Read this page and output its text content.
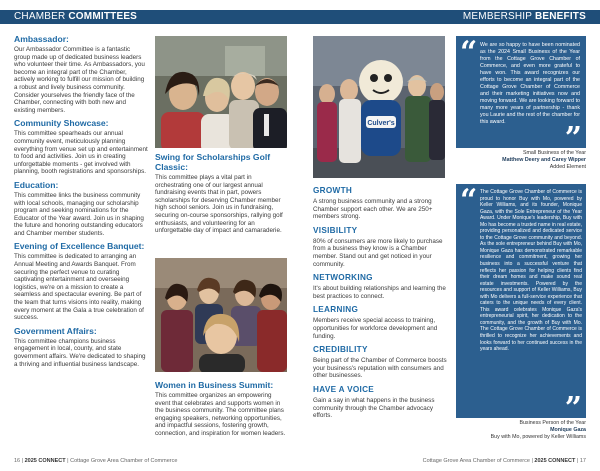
CHAMBER COMMITTEES	MEMBERSHIP BENEFITS
Ambassador:

Our Ambassador Committee is a fantastic group made up of dedicated business leaders who volunteer their time. As Ambassadors, you become an integral part of the Chamber, actively working to fulfill our mission of building a robust and lively business community. Consider yourselves the friendly face of the Chamber, connecting with both new and existing members.

Community Showcase:

This committee spearheads our annual community event, meticulously planning everything from venue set up and entertainment to food and activities. Join us in creating unforgettable moments - get involved with planning, booth registrations and sponsorships.

Education:

This committee links the business community with local schools, managing our scholarship program and seeking nominations for the Educator of the Year award. Join us in shaping the future and honoring outstanding educators and Chamber member students.

Evening of Excellence Banquet:

This committee is dedicated to arranging an Annual Meeting and Awards Banquet. From securing the perfect venue to curating captivating entertainment and overseeing logistics, we're on a mission to create a seamless and spectacular evening. Be part of the team that turns visions into reality, making every moment at the Gala a true celebration of success.

Government Affairs:

This committee champions business engagement in local, county, and state government affairs. We're dedicated to shaping a thriving and influential business landscape.

Swing for Scholarships Golf Classic:

This committee plays a vital part in orchestrating one of our largest annual fundraising events that in part, powers scholarships for deserving Chamber member high school seniors. Join us in fundraising, securing on-course sponsorships, rallying golf enthusiasts, and volunteering for an unforgettable day of impact and camaraderie.

Women in Business Summit:

This committee organizes an empowering event that celebrates and supports women in the business community. The committee plans engaging speakers, networking opportunities, and impactful sessions, fostering growth, connection, and inspiration for women leaders.

Culver's
GROWTH

A strong business community and a strong Chamber support each other. We are 250+ members strong.

VISIBILITY

80% of consumers are more likely to purchase from a business they know is a Chamber member. Stand out and get noticed in your community.

NETWORKING

It's about building relationships and learning the best practices to connect.

LEARNING

Members receive special access to training, opportunities for workforce development and funding.

CREDIBILITY

Being part of the Chamber of Commerce boosts your business's reputation with consumers and other businesses.

HAVE A VOICE

Gain a say in what happens in the business community through the Chamber advocacy efforts.

“
”
We are so happy to have been nominated as the 2024 Small Business of the Year from the Cottage Grove Chamber of Commerce, and even more grateful to have won. This award recognizes our efforts to become an integral part of the Cottage Grove Chamber of Commerce and their marketing initiatives now and moving forward. We are looking forward to many more years of partnership - thank you Laurie and the rest of the chamber for this award.
Small Business of the Year
Matthew Deery and Carey Wipper
Added Element
“
”
The Cottage Grove Chamber of Commerce is proud to honor Buy with Mo, powered by Keller Williams, and its founder, Monique Gaza, with the Sole Entrepreneur of the Year Award. Under Monique's leadership, Buy with Mo has become a trusted name in real estate, providing personalized and dedicated service to the Cottage Grove community and beyond. As the sole entrepreneur behind Buy with Mo, Monique Gaza has demonstrated remarkable resilience and commitment, growing her business into a successful venture that reflects her passion for helping clients find their dream homes and make sound real estate investments. Powered by the resources and support of Keller Williams, Buy with Mo delivers a full-service experience that caters to the unique needs of every client. This award celebrates Monique Gaza's entrepreneurial spirit, her dedication to the community, and the growth of Buy with Mo. The Cottage Grove Chamber of Commerce is thrilled to recognize her achievements and looks forward to her continued success in the years ahead.
Business Person of the Year
Monique Gaza
Buy with Mo, powered by Keller Williams
16 | 2025 CONNECT | Cottage Grove Area Chamber of Commerce	Cottage Grove Area Chamber of Commerce | 2025 CONNECT | 17
